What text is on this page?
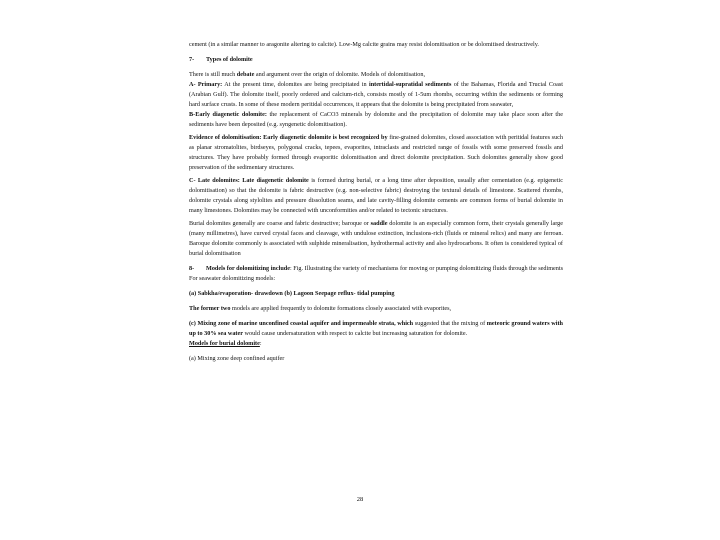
cement (in a similar manner to aragonite altering to calcite). Low-Mg calcite grains may resist dolomitisation or be dolomitised destructively.

7- Types of dolomite

There is still much debate and argument over the origin of dolomite. Models of dolomitisation,

A- Primary: At the present time, dolomites are being precipitated in intertidal-supratidal sediments of the Bahamas, Florida and Trucial Coast (Arabian Gulf). The dolomite itself, poorly ordered and calcium-rich, consists mostly of 1-5um rhombs, occurring within the sediments or forming hard surface crusts. In some of these modern peritidal occurrences, it appears that the dolomite is being precipitated from seawater,

B-Early diagenetic dolomite: the replacement of CaCO3 minerals by dolomite and the precipitation of dolomite may take place soon after the sediments have been deposited (e.g. syngenetic dolomitisation).

Evidence of dolomitisation: Early diagenetic dolomite is best recognized by fine-grained dolomites, closed association with peritidal features such as planar stromatolites, birdseyes, polygonal cracks, tepees, evaporites, intraclasts and restricted range of fossils with some preserved fossils and structures. They have probably formed through evaporitic dolomitisation and direct dolomite precipitation. Such dolomites generally show good preservation of the sedimentary structures.

C- Late dolomites: Late diagenetic dolomite is formed during burial, or a long time after deposition, usually after cementation (e.g. epigenetic dolomitisation) so that the dolomite is fabric destructive (e.g. non-selective fabric) destroying the textural details of limestone. Scattered rhombs, dolomite crystals along stylolites and pressure dissolution seams, and late cavity-filling dolomite cements are common forms of burial dolomite in many limestones. Dolomites may be connected with unconformities and/or related to tectonic structures.

Burial dolomites generally are coarse and fabric destructive; baroque or saddle dolomite is an especially common form, their crystals generally large (many millimetres), have curved crystal faces and cleavage, with undulose extinction, inclusions-rich (fluids or mineral relics) and many are ferroan. Baroque dolomite commonly is associated with sulphide mineralisation, hydrothermal activity and also hydrocarbons. It often is considered typical of burial dolomitisation

8- Models for dolomitizing include: Fig. Illustrating the variety of mechanisms for moving or pumping dolomitizing fluids through the sediments For seawater dolomitizing models:

(a) Sabkha/evaporation- drawdown (b) Lagoon Seepage reflux- tidal pumping

The former two models are applied frequently to dolomite formations closely associated with evaporites,

(c) Mixing zone of marine unconfined coastal aquifer and impermeable strata, which suggested that the mixing of meteoric ground waters with up to 30% sea water would cause undersaturation with respect to calcite but increasing saturation for dolomite.

Models for burial dolomite:

(a) Mixing zone deep confined aquifer

28
